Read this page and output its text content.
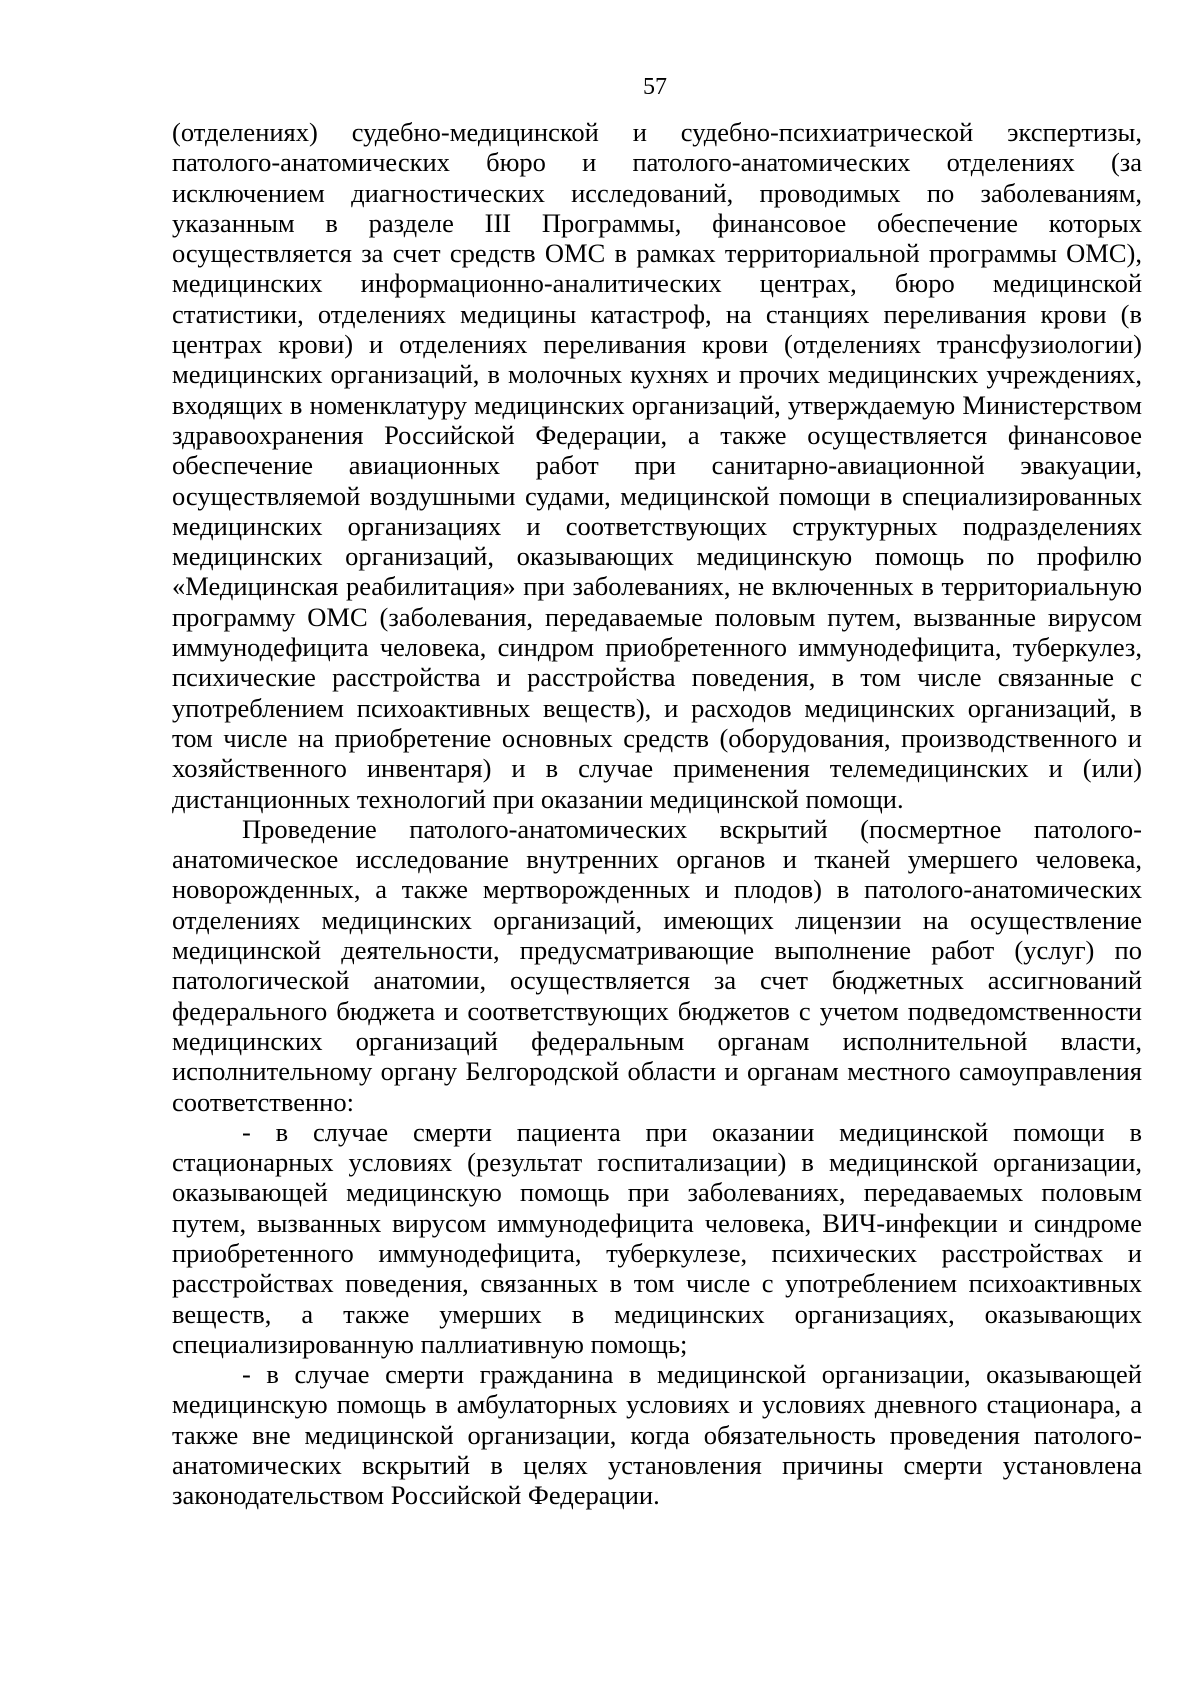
57

(отделениях) судебно-медицинской и судебно-психиатрической экспертизы, патолого-анатомических бюро и патолого-анатомических отделениях (за исключением диагностических исследований, проводимых по заболеваниям, указанным в разделе III Программы, финансовое обеспечение которых осуществляется за счет средств ОМС в рамках территориальной программы ОМС), медицинских информационно-аналитических центрах, бюро медицинской статистики, отделениях медицины катастроф, на станциях переливания крови (в центрах крови) и отделениях переливания крови (отделениях трансфузиологии) медицинских организаций, в молочных кухнях и прочих медицинских учреждениях, входящих в номенклатуру медицинских организаций, утверждаемую Министерством здравоохранения Российской Федерации, а также осуществляется финансовое обеспечение авиационных работ при санитарно-авиационной эвакуации, осуществляемой воздушными судами, медицинской помощи в специализированных медицинских организациях и соответствующих структурных подразделениях медицинских организаций, оказывающих медицинскую помощь по профилю «Медицинская реабилитация» при заболеваниях, не включенных в территориальную программу ОМС (заболевания, передаваемые половым путем, вызванные вирусом иммунодефицита человека, синдром приобретенного иммунодефицита, туберкулез, психические расстройства и расстройства поведения, в том числе связанные с употреблением психоактивных веществ), и расходов медицинских организаций, в том числе на приобретение основных средств (оборудования, производственного и хозяйственного инвентаря) и в случае применения телемедицинских и (или) дистанционных технологий при оказании медицинской помощи.

Проведение патолого-анатомических вскрытий (посмертное патолого-анатомическое исследование внутренних органов и тканей умершего человека, новорожденных, а также мертворожденных и плодов) в патолого-анатомических отделениях медицинских организаций, имеющих лицензии на осуществление медицинской деятельности, предусматривающие выполнение работ (услуг) по патологической анатомии, осуществляется за счет бюджетных ассигнований федерального бюджета и соответствующих бюджетов с учетом подведомственности медицинских организаций федеральным органам исполнительной власти, исполнительному органу Белгородской области и органам местного самоуправления соответственно:

- в случае смерти пациента при оказании медицинской помощи в стационарных условиях (результат госпитализации) в медицинской организации, оказывающей медицинскую помощь при заболеваниях, передаваемых половым путем, вызванных вирусом иммунодефицита человека, ВИЧ-инфекции и синдроме приобретенного иммунодефицита, туберкулезе, психических расстройствах и расстройствах поведения, связанных в том числе с употреблением психоактивных веществ, а также умерших в медицинских организациях, оказывающих специализированную паллиативную помощь;

- в случае смерти гражданина в медицинской организации, оказывающей медицинскую помощь в амбулаторных условиях и условиях дневного стационара, а также вне медицинской организации, когда обязательность проведения патолого-анатомических вскрытий в целях установления причины смерти установлена законодательством Российской Федерации.
